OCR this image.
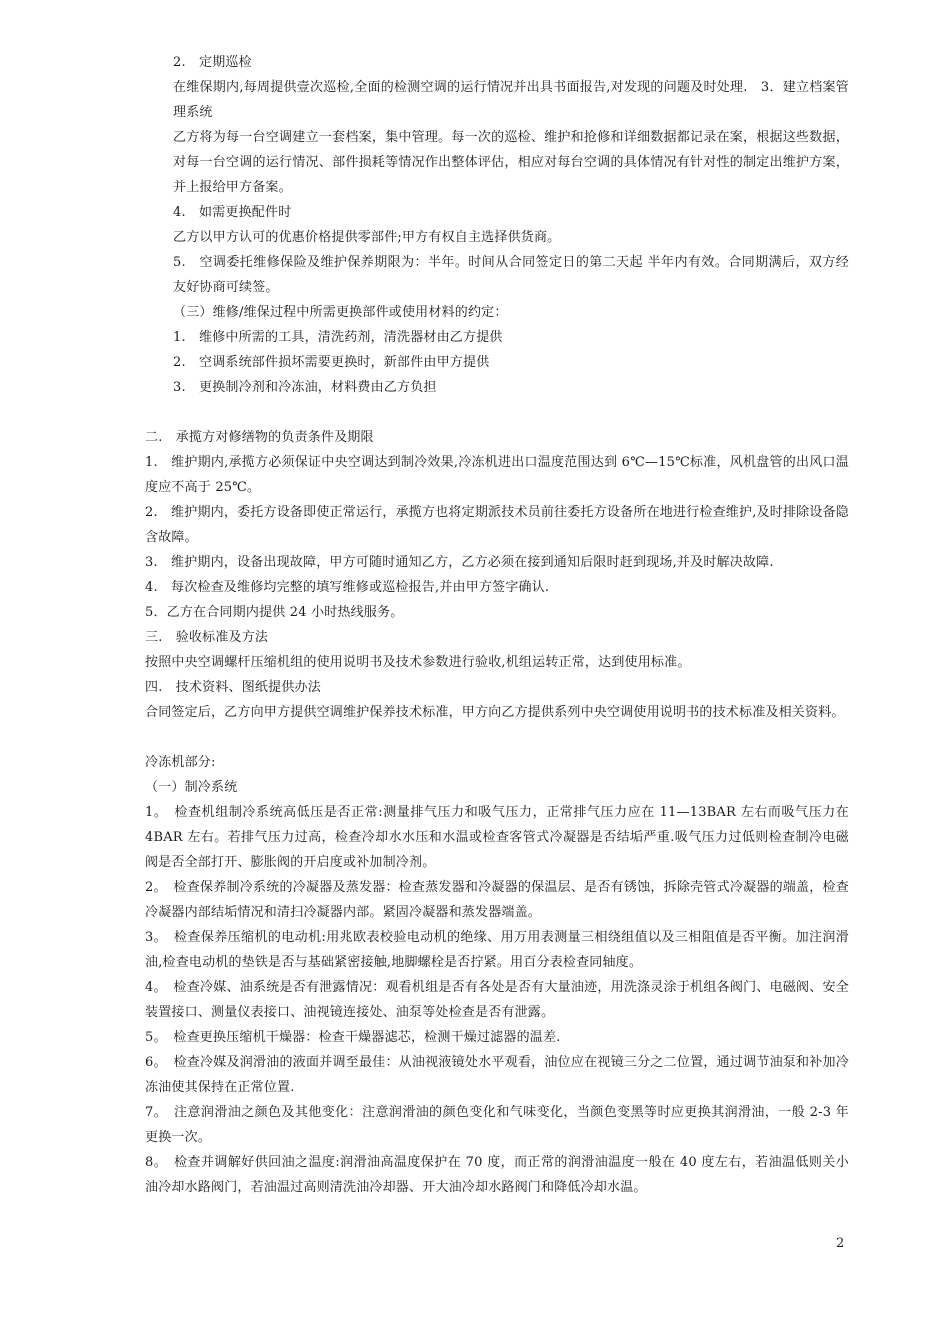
2.　定期巡检
在维保期内,每周提供壹次巡检,全面的检测空调的运行情况并出具书面报告,对发现的问题及时处理.　3．建立档案管理系统
乙方将为每一台空调建立一套档案，集中管理。每一次的巡检、维护和抢修和详细数据都记录在案，根据这些数据，对每一台空调的运行情况、部件损耗等情况作出整体评估，相应对每台空调的具体情况有针对性的制定出维护方案，并上报给甲方备案。
4.　如需更换配件时
乙方以甲方认可的优惠价格提供零部件;甲方有权自主选择供货商。
5.　空调委托维修保险及维护保养期限为：半年。时间从合同签定日的第二天起 半年内有效。合同期满后，双方经友好协商可续签。
（三）维修/维保过程中所需更换部件或使用材料的约定：
1.　维修中所需的工具，清洗药剂，清洗器材由乙方提供
2.　空调系统部件损坏需要更换时，新部件由甲方提供
3.　更换制冷剂和冷冻油，材料费由乙方负担
二.　承揽方对修缮物的负责条件及期限
1.　维护期内,承揽方必须保证中央空调达到制冷效果,冷冻机进出口温度范围达到 6℃—15℃标准，风机盘管的出风口温度应不高于 25℃。
2.　维护期内，委托方设备即使正常运行，承揽方也将定期派技术员前往委托方设备所在地进行检查维护,及时排除设备隐含故障。
3.　维护期内，设备出现故障，甲方可随时通知乙方，乙方必须在接到通知后限时赶到现场,并及时解决故障.
4.　每次检查及维修均完整的填写维修或巡检报告,并由甲方签字确认.
5．乙方在合同期内提供 24 小时热线服务。
三.　验收标准及方法
按照中央空调螺杆压缩机组的使用说明书及技术参数进行验收,机组运转正常，达到使用标准。
四.　技术资料、图纸提供办法
合同签定后，乙方向甲方提供空调维护保养技术标准，甲方向乙方提供系列中央空调使用说明书的技术标准及相关资料。
冷冻机部分:
（一）制冷系统
1。　检查机组制冷系统高低压是否正常:测量排气压力和吸气压力，正常排气压力应在 11—13BAR 左右而吸气压力在 4BAR 左右。若排气压力过高，检查冷却水水压和水温或检查客管式冷凝器是否结垢严重.吸气压力过低则检查制冷电磁阀是否全部打开、膨胀阀的开启度或补加制冷剂。
2。　检查保养制冷系统的冷凝器及蒸发器：检查蒸发器和冷凝器的保温层、是否有锈蚀，拆除壳管式冷凝器的端盖，检查冷凝器内部结垢情况和清扫冷凝器内部。紧固冷凝器和蒸发器端盖。
3。　检查保养压缩机的电动机:用兆欧表校验电动机的绝缘、用万用表测量三相绕组值以及三相阻值是否平衡。加注润滑油,检查电动机的垫铁是否与基础紧密接触,地脚螺栓是否拧紧。用百分表检查同轴度。
4。　检查冷媒、油系统是否有泄露情况：观看机组是否有各处是否有大量油迹，用洗涤灵涂于机组各阀门、电磁阀、安全装置接口、测量仪表接口、油视镜连接处、油泵等处检查是否有泄露。
5。　检查更换压缩机干燥器：检查干燥器滤芯，检测干燥过滤器的温差.
6。　检查冷媒及润滑油的液面并调至最佳：从油视液镜处水平观看，油位应在视镜三分之二位置，通过调节油泵和补加冷冻油使其保持在正常位置.
7。　注意润滑油之颜色及其他变化：注意润滑油的颜色变化和气味变化，当颜色变黑等时应更换其润滑油，一般 2-3 年更换一次。
8。　检查并调解好供回油之温度:润滑油高温度保护在 70 度，而正常的润滑油温度一般在 40 度左右，若油温低则关小油冷却水路阀门，若油温过高则清洗油冷却器、开大油冷却水路阀门和降低冷却水温。
2
